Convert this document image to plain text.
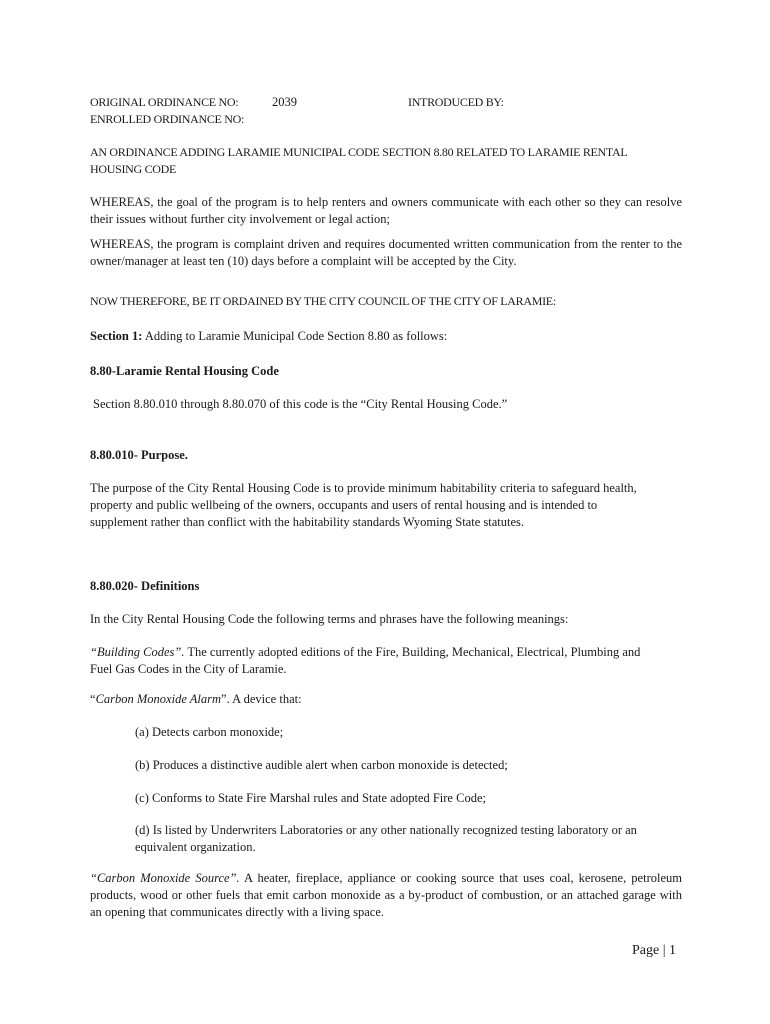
ORIGINAL ORDINANCE NO:	2039	INTRODUCED BY:
ENROLLED ORDINANCE NO:
AN ORDINANCE ADDING LARAMIE MUNICIPAL CODE SECTION 8.80 RELATED TO LARAMIE RENTAL HOUSING CODE
WHEREAS, the goal of the program is to help renters and owners communicate with each other so they can resolve their issues without further city involvement or legal action;
WHEREAS, the program is complaint driven and requires documented written communication from the renter to the owner/manager at least ten (10) days before a complaint will be accepted by the City.
NOW THEREFORE, BE IT ORDAINED BY THE CITY COUNCIL OF THE CITY OF LARAMIE:
Section 1: Adding to Laramie Municipal Code Section 8.80 as follows:
8.80-Laramie Rental Housing Code
Section 8.80.010 through 8.80.070 of this code is the “City Rental Housing Code.”
8.80.010- Purpose.
The purpose of the City Rental Housing Code is to provide minimum habitability criteria to safeguard health, property and public wellbeing of the owners, occupants and users of rental housing and is intended to supplement rather than conflict with the habitability standards Wyoming State statutes.
8.80.020- Definitions
In the City Rental Housing Code the following terms and phrases have the following meanings:
“Building Codes”. The currently adopted editions of the Fire, Building, Mechanical, Electrical, Plumbing and Fuel Gas Codes in the City of Laramie.
“Carbon Monoxide Alarm”. A device that:
(a) Detects carbon monoxide;
(b) Produces a distinctive audible alert when carbon monoxide is detected;
(c) Conforms to State Fire Marshal rules and State adopted Fire Code;
(d) Is listed by Underwriters Laboratories or any other nationally recognized testing laboratory or an equivalent organization.
“Carbon Monoxide Source”. A heater, fireplace, appliance or cooking source that uses coal, kerosene, petroleum products, wood or other fuels that emit carbon monoxide as a by-product of combustion, or an attached garage with an opening that communicates directly with a living space.
Page | 1
